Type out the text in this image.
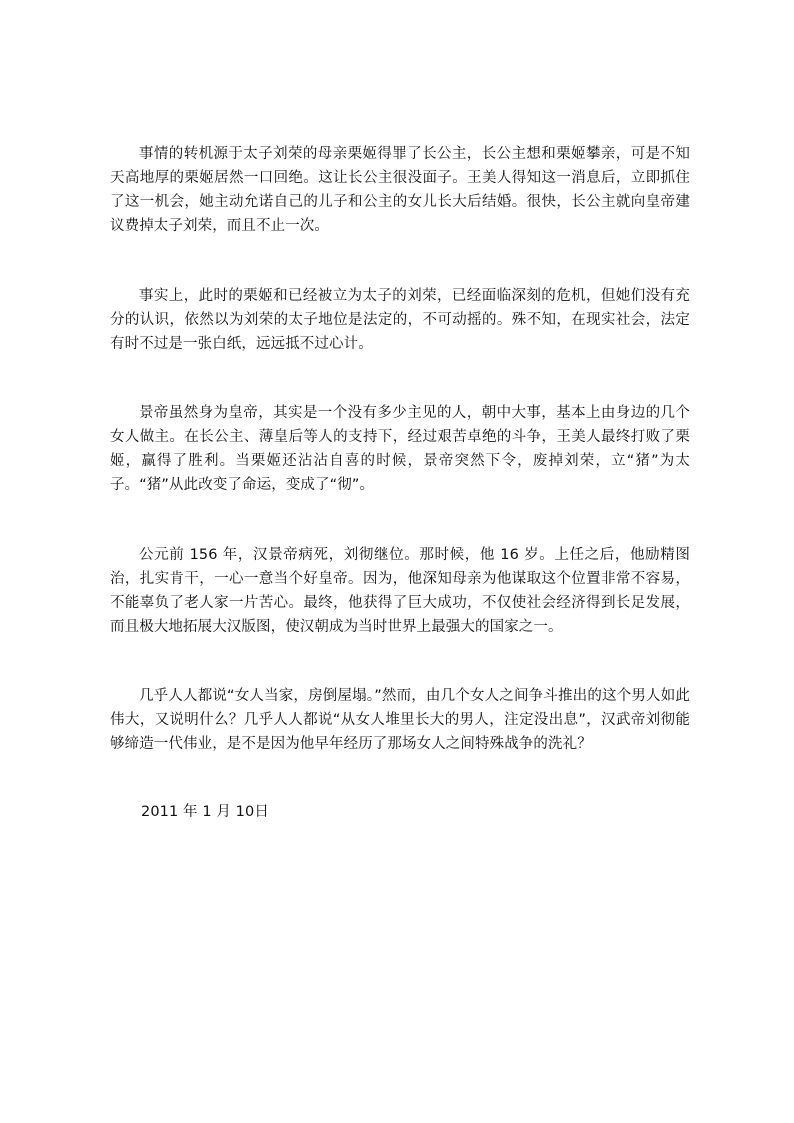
事情的转机源于太子刘荣的母亲栗姬得罪了长公主，长公主想和栗姬攀亲，可是不知天高地厚的栗姬居然一口回绝。这让长公主很没面子。王美人得知这一消息后，立即抓住了这一机会，她主动允诺自己的儿子和公主的女儿长大后结婚。很快，长公主就向皇帝建议费掉太子刘荣，而且不止一次。

事实上，此时的栗姬和已经被立为太子的刘荣，已经面临深刻的危机，但她们没有充分的认识，依然以为刘荣的太子地位是法定的，不可动摇的。殊不知，在现实社会，法定有时不过是一张白纸，远远抵不过心计。

景帝虽然身为皇帝，其实是一个没有多少主见的人，朝中大事，基本上由身边的几个女人做主。在长公主、薄皇后等人的支持下，经过艰苦卓绝的斗争，王美人最终打败了栗姬，赢得了胜利。当栗姬还沾沾自喜的时候，景帝突然下令，废掉刘荣，立“猪”为太子。“猪”从此改变了命运，变成了“彻”。

公元前 156 年，汉景帝病死，刘彻继位。那时候，他 16 岁。上任之后，他励精图治，扎实肯干，一心一意当个好皇帝。因为，他深知母亲为他谋取这个位置非常不容易，不能辜负了老人家一片苦心。最终，他获得了巨大成功，不仅使社会经济得到长足发展，而且极大地拓展大汉版图，使汉朝成为当时世界上最强大的国家之一。

几乎人人都说“女人当家，房倒屋塌。”然而，由几个女人之间争斗推出的这个男人如此伟大，又说明什么？几乎人人都说“从女人堆里长大的男人，注定没出息”，汉武帝刘彻能够缔造一代伟业，是不是因为他早年经历了那场女人之间特殊战争的洗礼？

2011 年 1 月 10日
